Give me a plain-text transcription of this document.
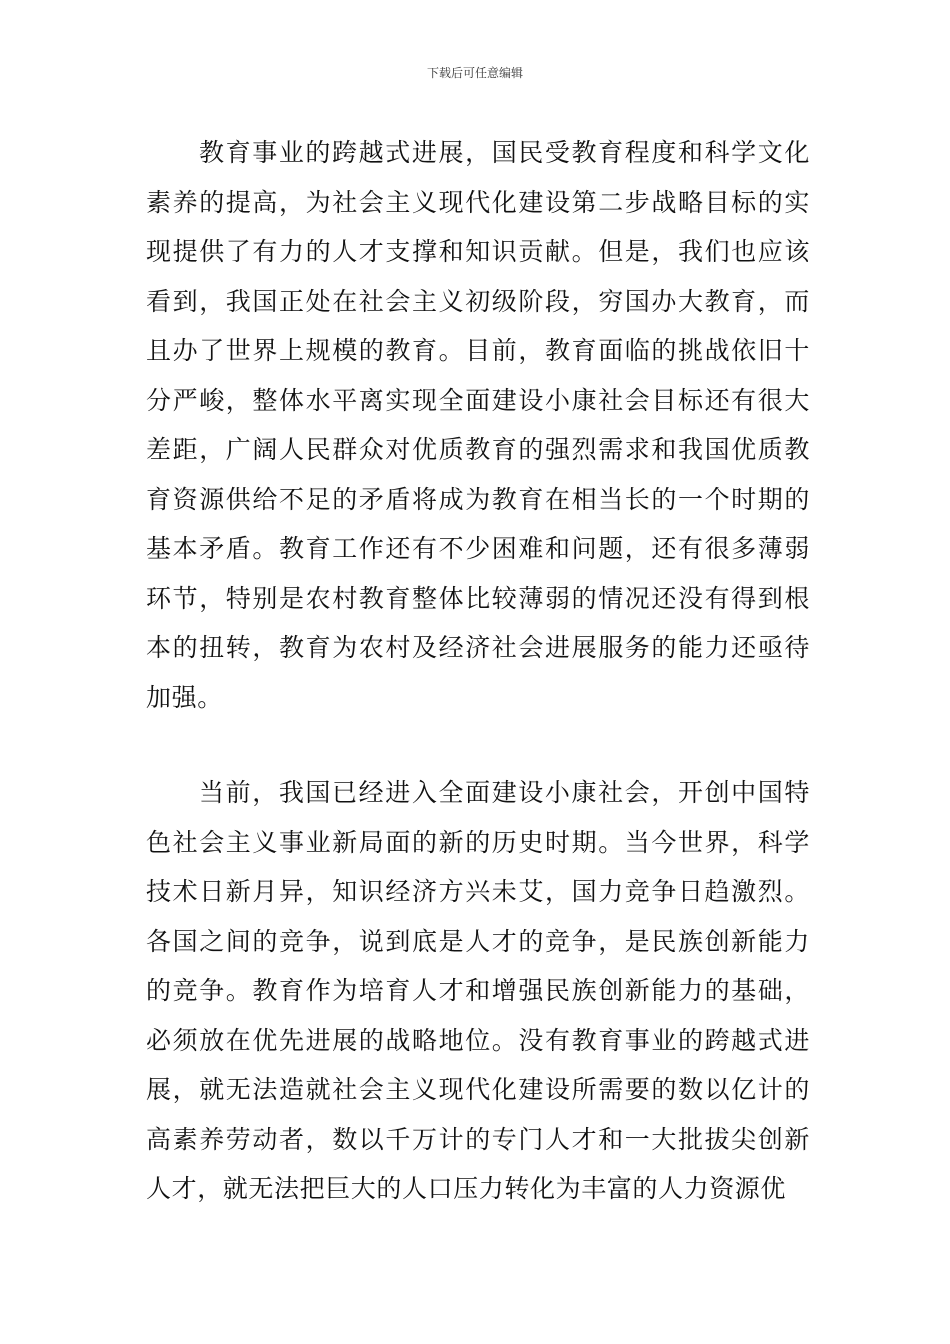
下载后可任意编辑

教育事业的跨越式进展，国民受教育程度和科学文化素养的提高，为社会主义现代化建设第二步战略目标的实现提供了有力的人才支撑和知识贡献。但是，我们也应该看到，我国正处在社会主义初级阶段，穷国办大教育，而且办了世界上规模的教育。目前，教育面临的挑战依旧十分严峻，整体水平离实现全面建设小康社会目标还有很大差距，广阔人民群众对优质教育的强烈需求和我国优质教育资源供给不足的矛盾将成为教育在相当长的一个时期的基本矛盾。教育工作还有不少困难和问题，还有很多薄弱环节，特别是农村教育整体比较薄弱的情况还没有得到根本的扭转，教育为农村及经济社会进展服务的能力还亟待加强。

当前，我国已经进入全面建设小康社会，开创中国特色社会主义事业新局面的新的历史时期。当今世界，科学技术日新月异，知识经济方兴未艾，国力竞争日趋激烈。各国之间的竞争，说到底是人才的竞争，是民族创新能力的竞争。教育作为培育人才和增强民族创新能力的基础，必须放在优先进展的战略地位。没有教育事业的跨越式进展，就无法造就社会主义现代化建设所需要的数以亿计的高素养劳动者，数以千万计的专门人才和一大批拔尖创新人才，就无法把巨大的人口压力转化为丰富的人力资源优
